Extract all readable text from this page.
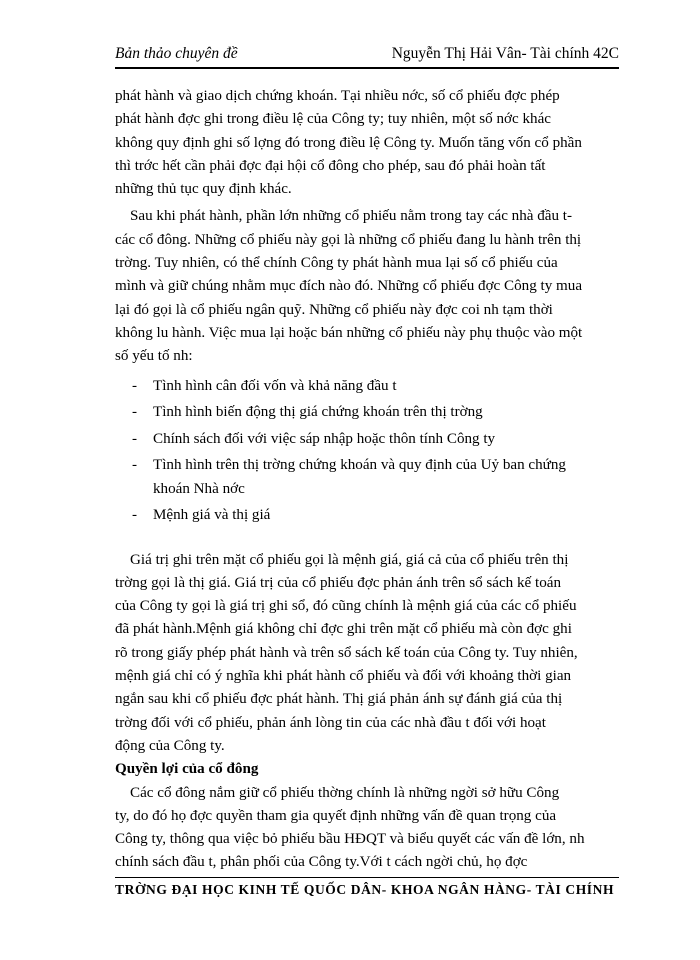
Bản thảo chuyên đề	Nguyễn Thị Hải Vân- Tài chính 42C
phát hành và giao dịch chứng khoán. Tại nhiều nớc, số cổ phiếu đợc phép
phát hành đợc ghi trong điều lệ của Công ty; tuy nhiên, một số nớc khác
không quy định ghi số lợng đó trong điều lệ Công ty. Muốn tăng vốn cổ phần
thì trớc hết cần phải đợc đại hội cổ đông cho phép, sau đó phải hoàn tất
những thủ tục quy định khác.
Sau khi phát hành, phần lớn những cổ phiếu nằm trong tay các nhà đầu t-
các cổ đông. Những cổ phiếu này gọi là những cổ phiếu đang lu hành trên thị
trờng. Tuy nhiên, có thể chính Công ty phát hành mua lại số cổ phiếu của
mình và giữ chúng nhằm mục đích nào đó. Những cổ phiếu đợc Công ty mua
lại đó gọi là cổ phiếu ngân quỹ. Những cổ phiếu này đợc coi nh tạm thời
không lu hành. Việc mua lại hoặc bán những cổ phiếu này phụ thuộc vào một
số yếu tố nh:
- Tình hình cân đối vốn và khả năng đầu t
- Tình hình biến động thị giá chứng khoán trên thị trờng
- Chính sách đối với việc sáp nhập hoặc thôn tính Công ty
- Tình hình trên thị trờng chứng khoán và quy định của Uỷ ban chứng
khoán Nhà nớc
- Mệnh giá và thị giá
Giá trị ghi trên mặt cổ phiếu gọi là mệnh giá, giá cả của cổ phiếu trên thị
trờng gọi là thị giá. Giá trị của cổ phiếu đợc phản ánh trên sổ sách kế toán
của Công ty gọi là giá trị ghi sổ, đó cũng chính là mệnh giá của các cổ phiếu
đã phát hành.Mệnh giá không chỉ đợc ghi trên mặt cổ phiếu mà còn đợc ghi
rõ trong giấy phép phát hành và trên sổ sách kế toán của Công ty. Tuy nhiên,
mệnh giá chỉ có ý nghĩa khi phát hành cổ phiếu và đối với khoảng thời gian
ngắn sau khi cổ phiếu đợc phát hành. Thị giá phản ánh sự đánh giá của thị
trờng đối với cổ phiếu, phản ánh lòng tin của các nhà đầu t đối với hoạt
động của Công ty.
Quyền lợi của cổ đông
Các cổ đông nắm giữ cổ phiếu thờng chính là những ngời sở hữu Công
ty, do đó họ đợc quyền tham gia quyết định những vấn đề quan trọng của
Công ty, thông qua việc bỏ phiếu bầu HĐQT và biểu quyết các vấn đề lớn, nh
chính sách đầu t, phân phối của Công ty.Với t cách ngời chủ, họ đợc
TRỜNG ĐẠI HỌC KINH TẾ QUỐC DÂN- KHOA NGÂN HÀNG- TÀI CHÍNH
